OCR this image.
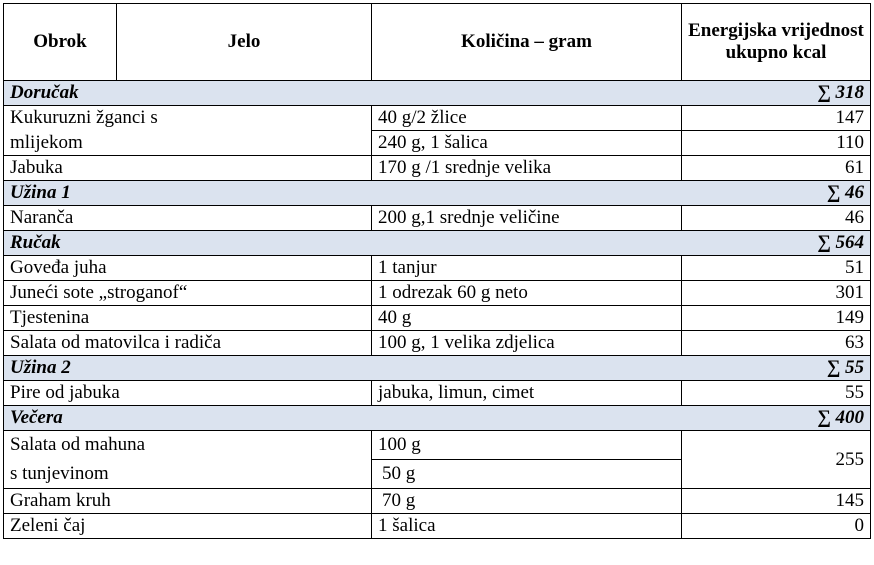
Obrok	Jelo	Količina – gram	Energijska vrijednost ukupno kcal
Doručak ∑ 318			

Kukuruzni žganci s		40 g/2 žlice	147
mlijekom		240 g, 1 šalica	110
Jabuka		170 g /1 srednje velika	61
Užina 1 ∑ 46			

Naranča		200 g,1 srednje veličine	46
Ručak ∑ 564			

Goveđa juha		1 tanjur	51
Juneći sote „stroganof“		1 odrezak 60 g neto	301
Tjestenina		40 g	149
Salata od matovilca i radiča		100 g, 1 velika zdjelica	63
Užina 2 ∑ 55			

Pire od jabuka		jabuka, limun, cimet	55
Večera ∑ 400			

Salata od mahuna		100 g	255
s tunjevinom		50 g	
Graham kruh		70 g	145
Zeleni čaj		1 šalica	0
